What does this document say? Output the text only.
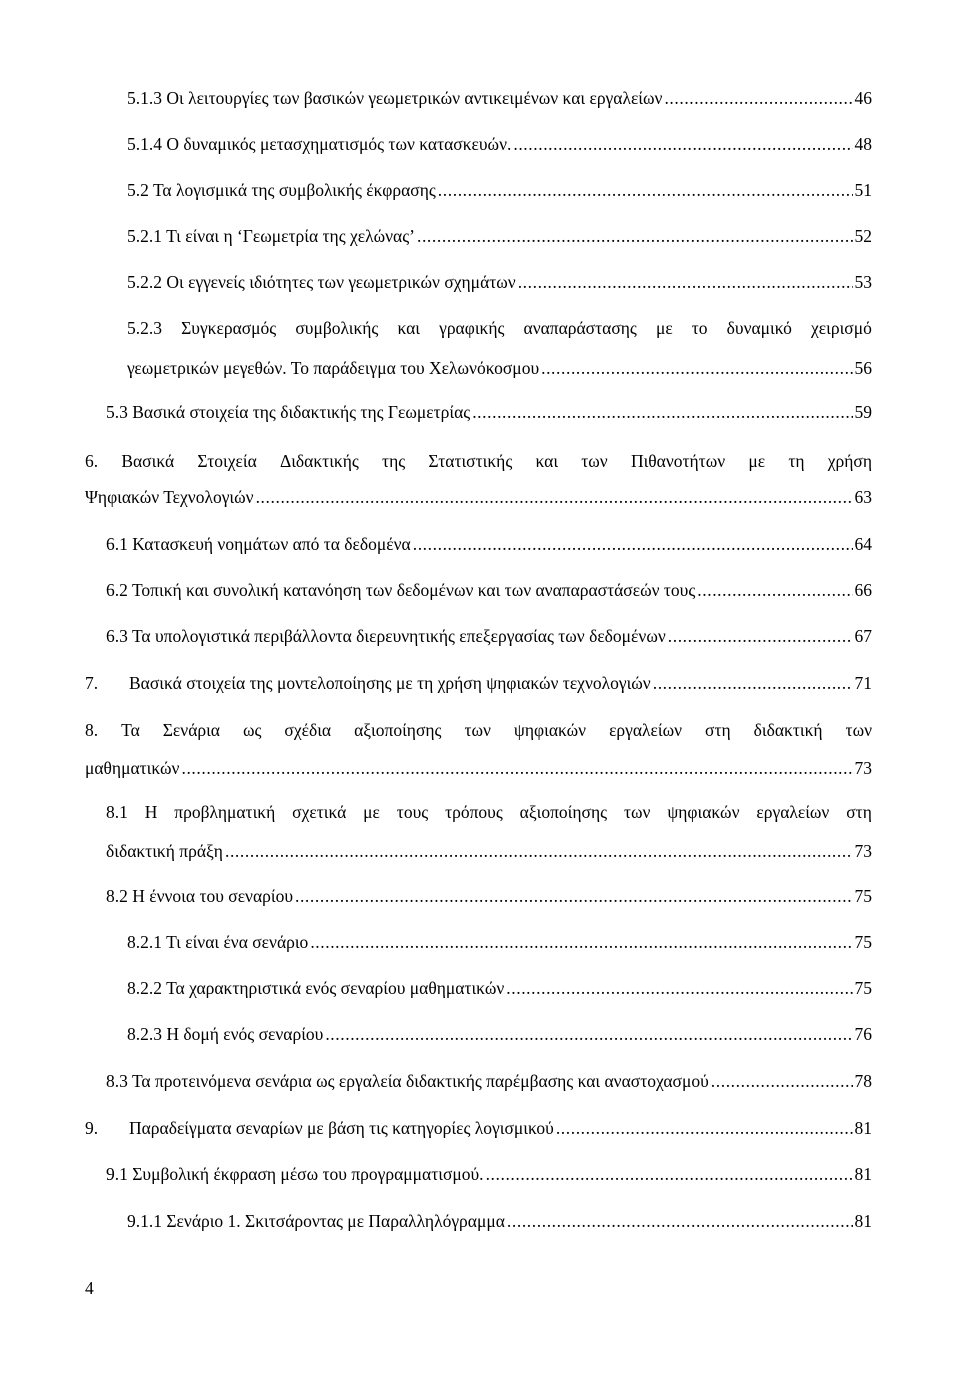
5.1.3 Οι λειτουργίες των βασικών γεωμετρικών αντικειμένων και εργαλείων .....	46
5.1.4 Ο δυναμικός μετασχηματισμός των κατασκευών. .....	48
5.2 Τα λογισμικά της συμβολικής έκφρασης .....	51
5.2.1 Τι είναι η ‘Γεωμετρία της χελώνας’ .....	52
5.2.2 Οι εγγενείς ιδιότητες των γεωμετρικών σχημάτων .....	53
5.2.3 Συγκερασμός συμβολικής και γραφικής αναπαράστασης με το δυναμικό χειρισμό
γεωμετρικών μεγεθών. Το παράδειγμα του Χελωνόκοσμου .....	56
5.3 Βασικά στοιχεία της διδακτικής της Γεωμετρίας .....	59
6. Βασικά Στοιχεία Διδακτικής της Στατιστικής και των Πιθανοτήτων με τη χρήση
Ψηφιακών Τεχνολογιών .....	63
6.1 Κατασκευή νοημάτων από τα δεδομένα .....	64
6.2 Τοπική και συνολική κατανόηση των δεδομένων και των αναπαραστάσεών τους .....	66
6.3 Τα υπολογιστικά περιβάλλοντα διερευνητικής επεξεργασίας των δεδομένων .....	67
7. Βασικά στοιχεία της μοντελοποίησης με τη χρήση ψηφιακών τεχνολογιών .....	71
8. Τα Σενάρια ως σχέδια αξιοποίησης των ψηφιακών εργαλείων στη διδακτική των
μαθηματικών .....	73
8.1 Η προβληματική σχετικά με τους τρόπους αξιοποίησης των ψηφιακών εργαλείων στη
διδακτική πράξη .....	73
8.2 Η έννοια του σεναρίου .....	75
8.2.1 Τι είναι ένα σενάριο .....	75
8.2.2 Τα χαρακτηριστικά ενός σεναρίου μαθηματικών .....	75
8.2.3 Η δομή ενός σεναρίου .....	76
8.3 Τα προτεινόμενα σενάρια ως εργαλεία διδακτικής παρέμβασης και αναστοχασμού .....	78
9. Παραδείγματα σεναρίων με βάση τις κατηγορίες λογισμικού .....	81
9.1 Συμβολική έκφραση μέσω του προγραμματισμού. .....	81
9.1.1 Σενάριο 1. Σκιτσάροντας με Παραλληλόγραμμα .....	81
4
